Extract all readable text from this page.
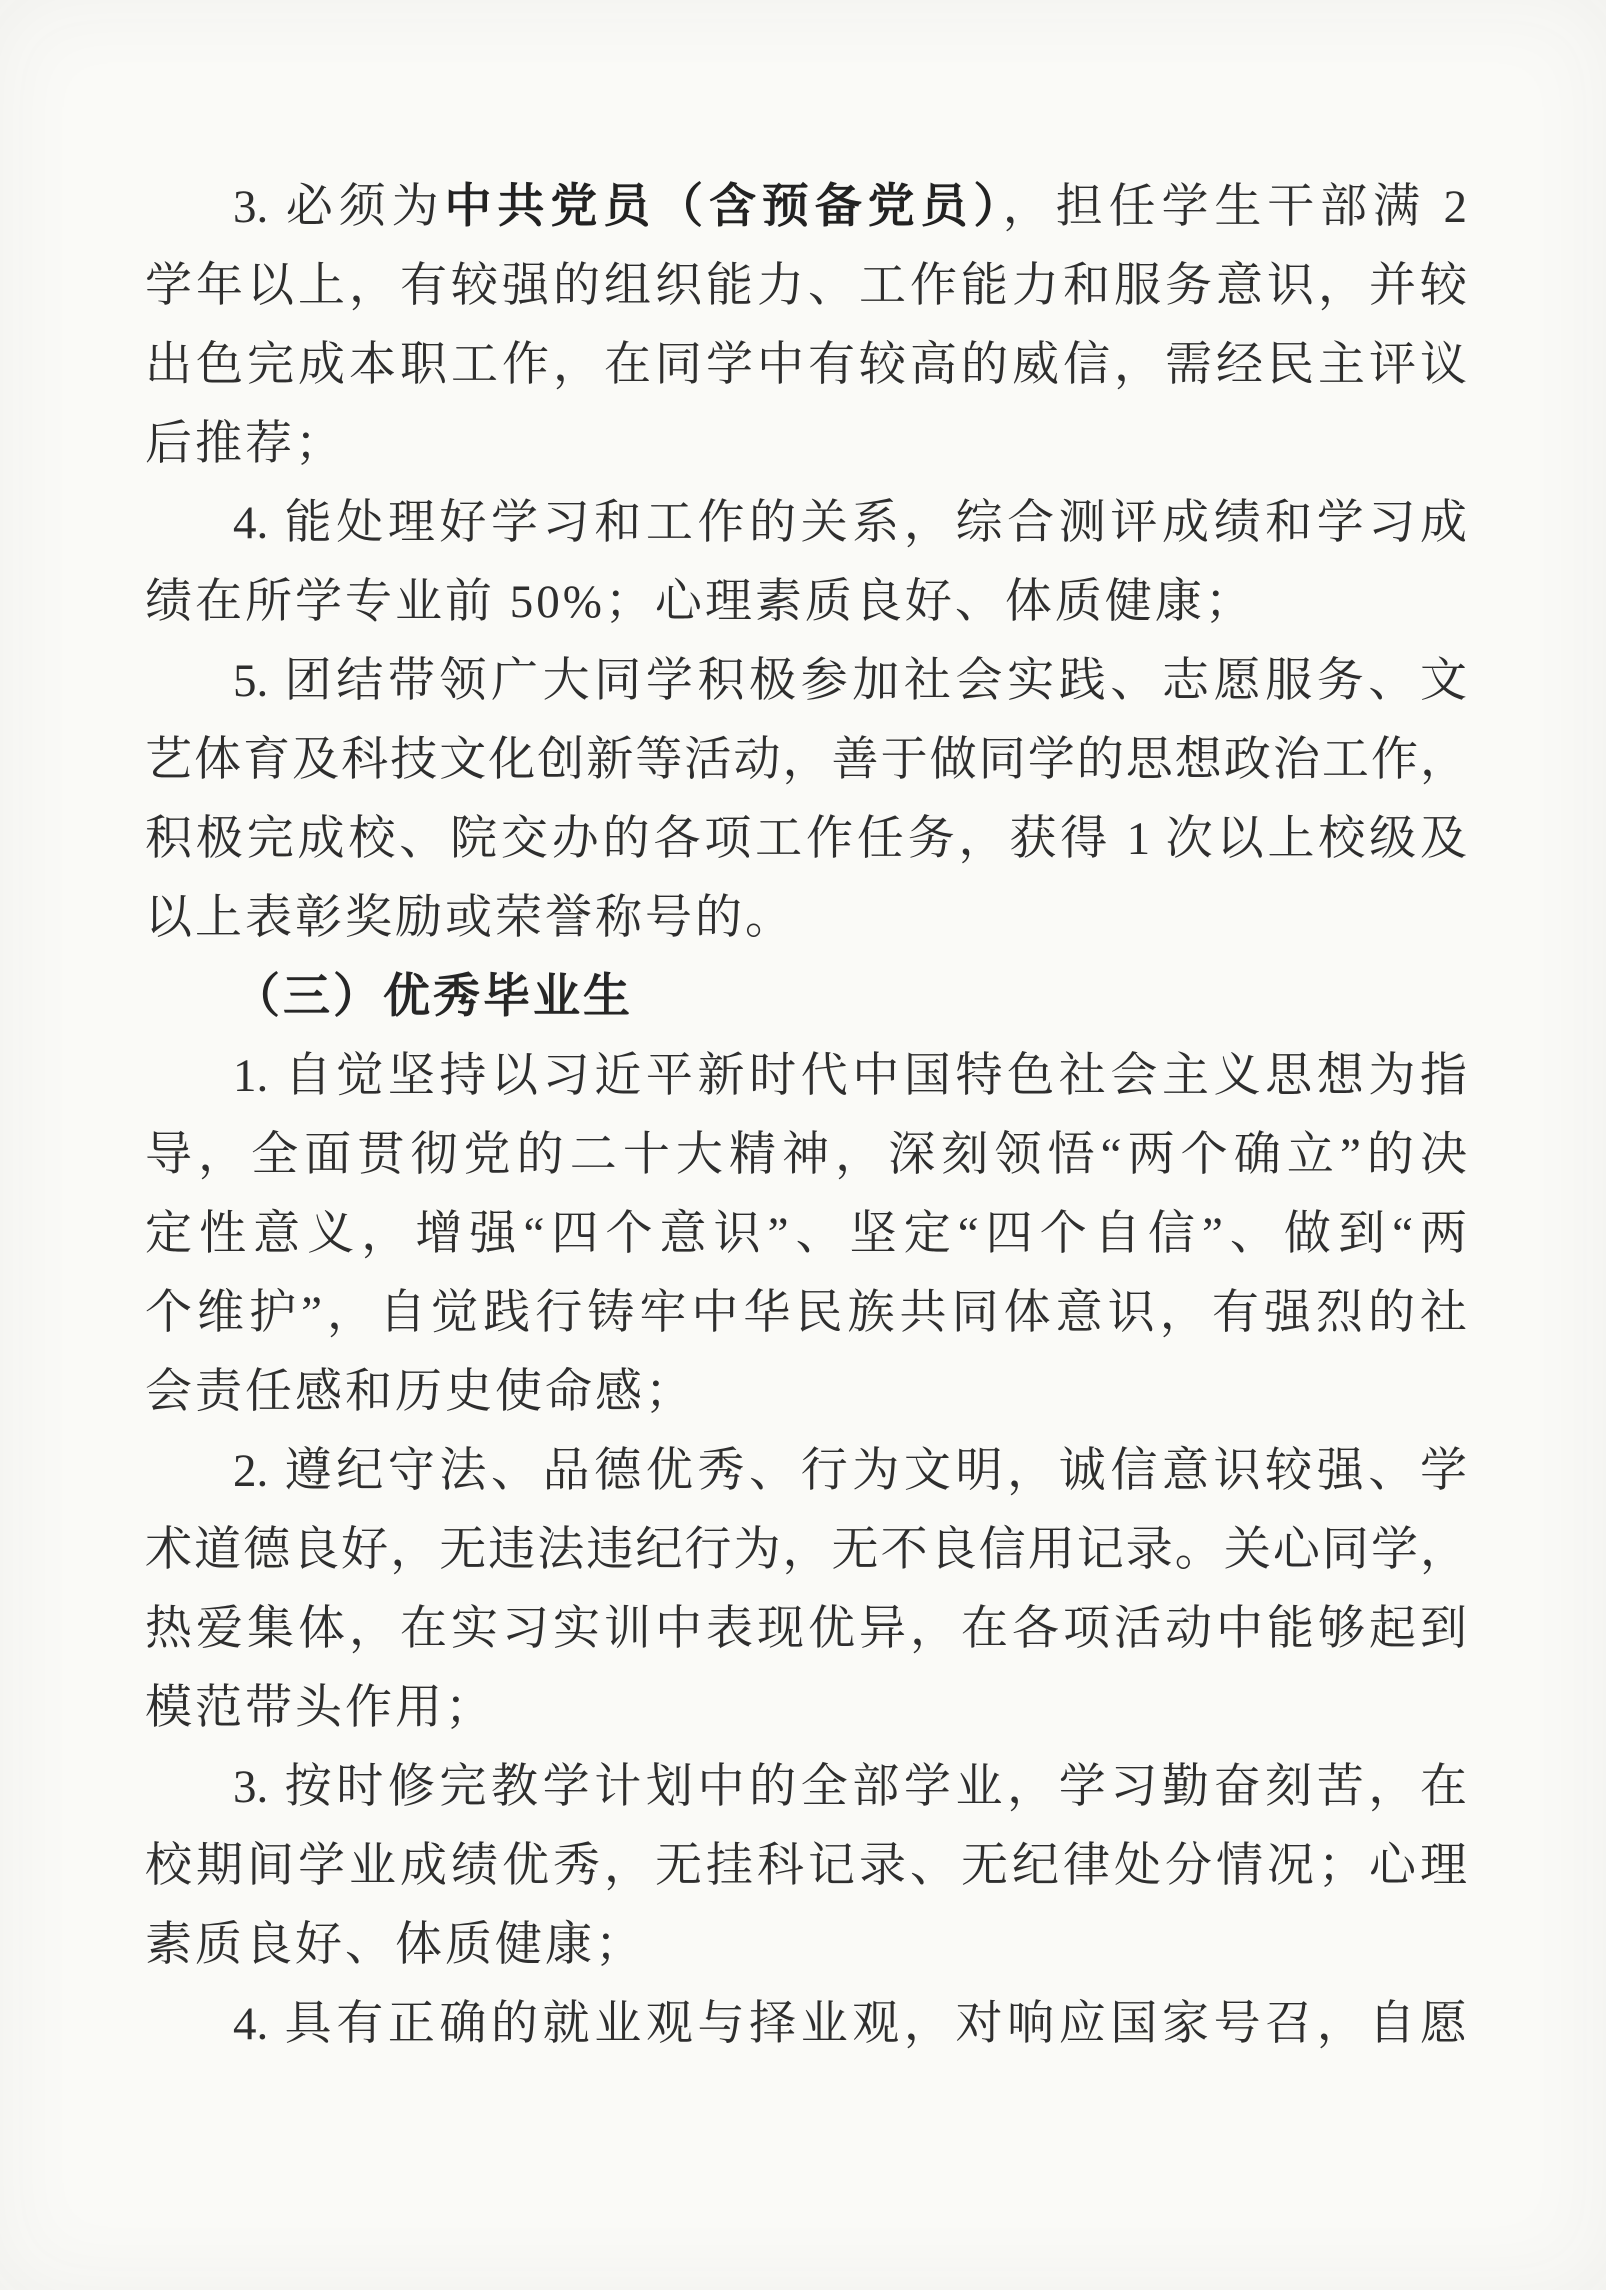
3. 必须为中共党员（含预备党员），担任学生干部满 2
学年以上，有较强的组织能力、工作能力和服务意识，并较
出色完成本职工作，在同学中有较高的威信，需经民主评议
后推荐；
4. 能处理好学习和工作的关系，综合测评成绩和学习成
绩在所学专业前 50%；心理素质良好、体质健康；
5. 团结带领广大同学积极参加社会实践、志愿服务、文
艺体育及科技文化创新等活动，善于做同学的思想政治工作，
积极完成校、院交办的各项工作任务，获得 1 次以上校级及
以上表彰奖励或荣誉称号的。
（三）优秀毕业生
1. 自觉坚持以习近平新时代中国特色社会主义思想为指
导，全面贯彻党的二十大精神，深刻领悟“两个确立”的决
定性意义，增强“四个意识”、坚定“四个自信”、做到“两
个维护”，自觉践行铸牢中华民族共同体意识，有强烈的社
会责任感和历史使命感；
2. 遵纪守法、品德优秀、行为文明，诚信意识较强、学
术道德良好，无违法违纪行为，无不良信用记录。关心同学，
热爱集体，在实习实训中表现优异，在各项活动中能够起到
模范带头作用；
3. 按时修完教学计划中的全部学业，学习勤奋刻苦，在
校期间学业成绩优秀，无挂科记录、无纪律处分情况；心理
素质良好、体质健康；
4. 具有正确的就业观与择业观，对响应国家号召，自愿
